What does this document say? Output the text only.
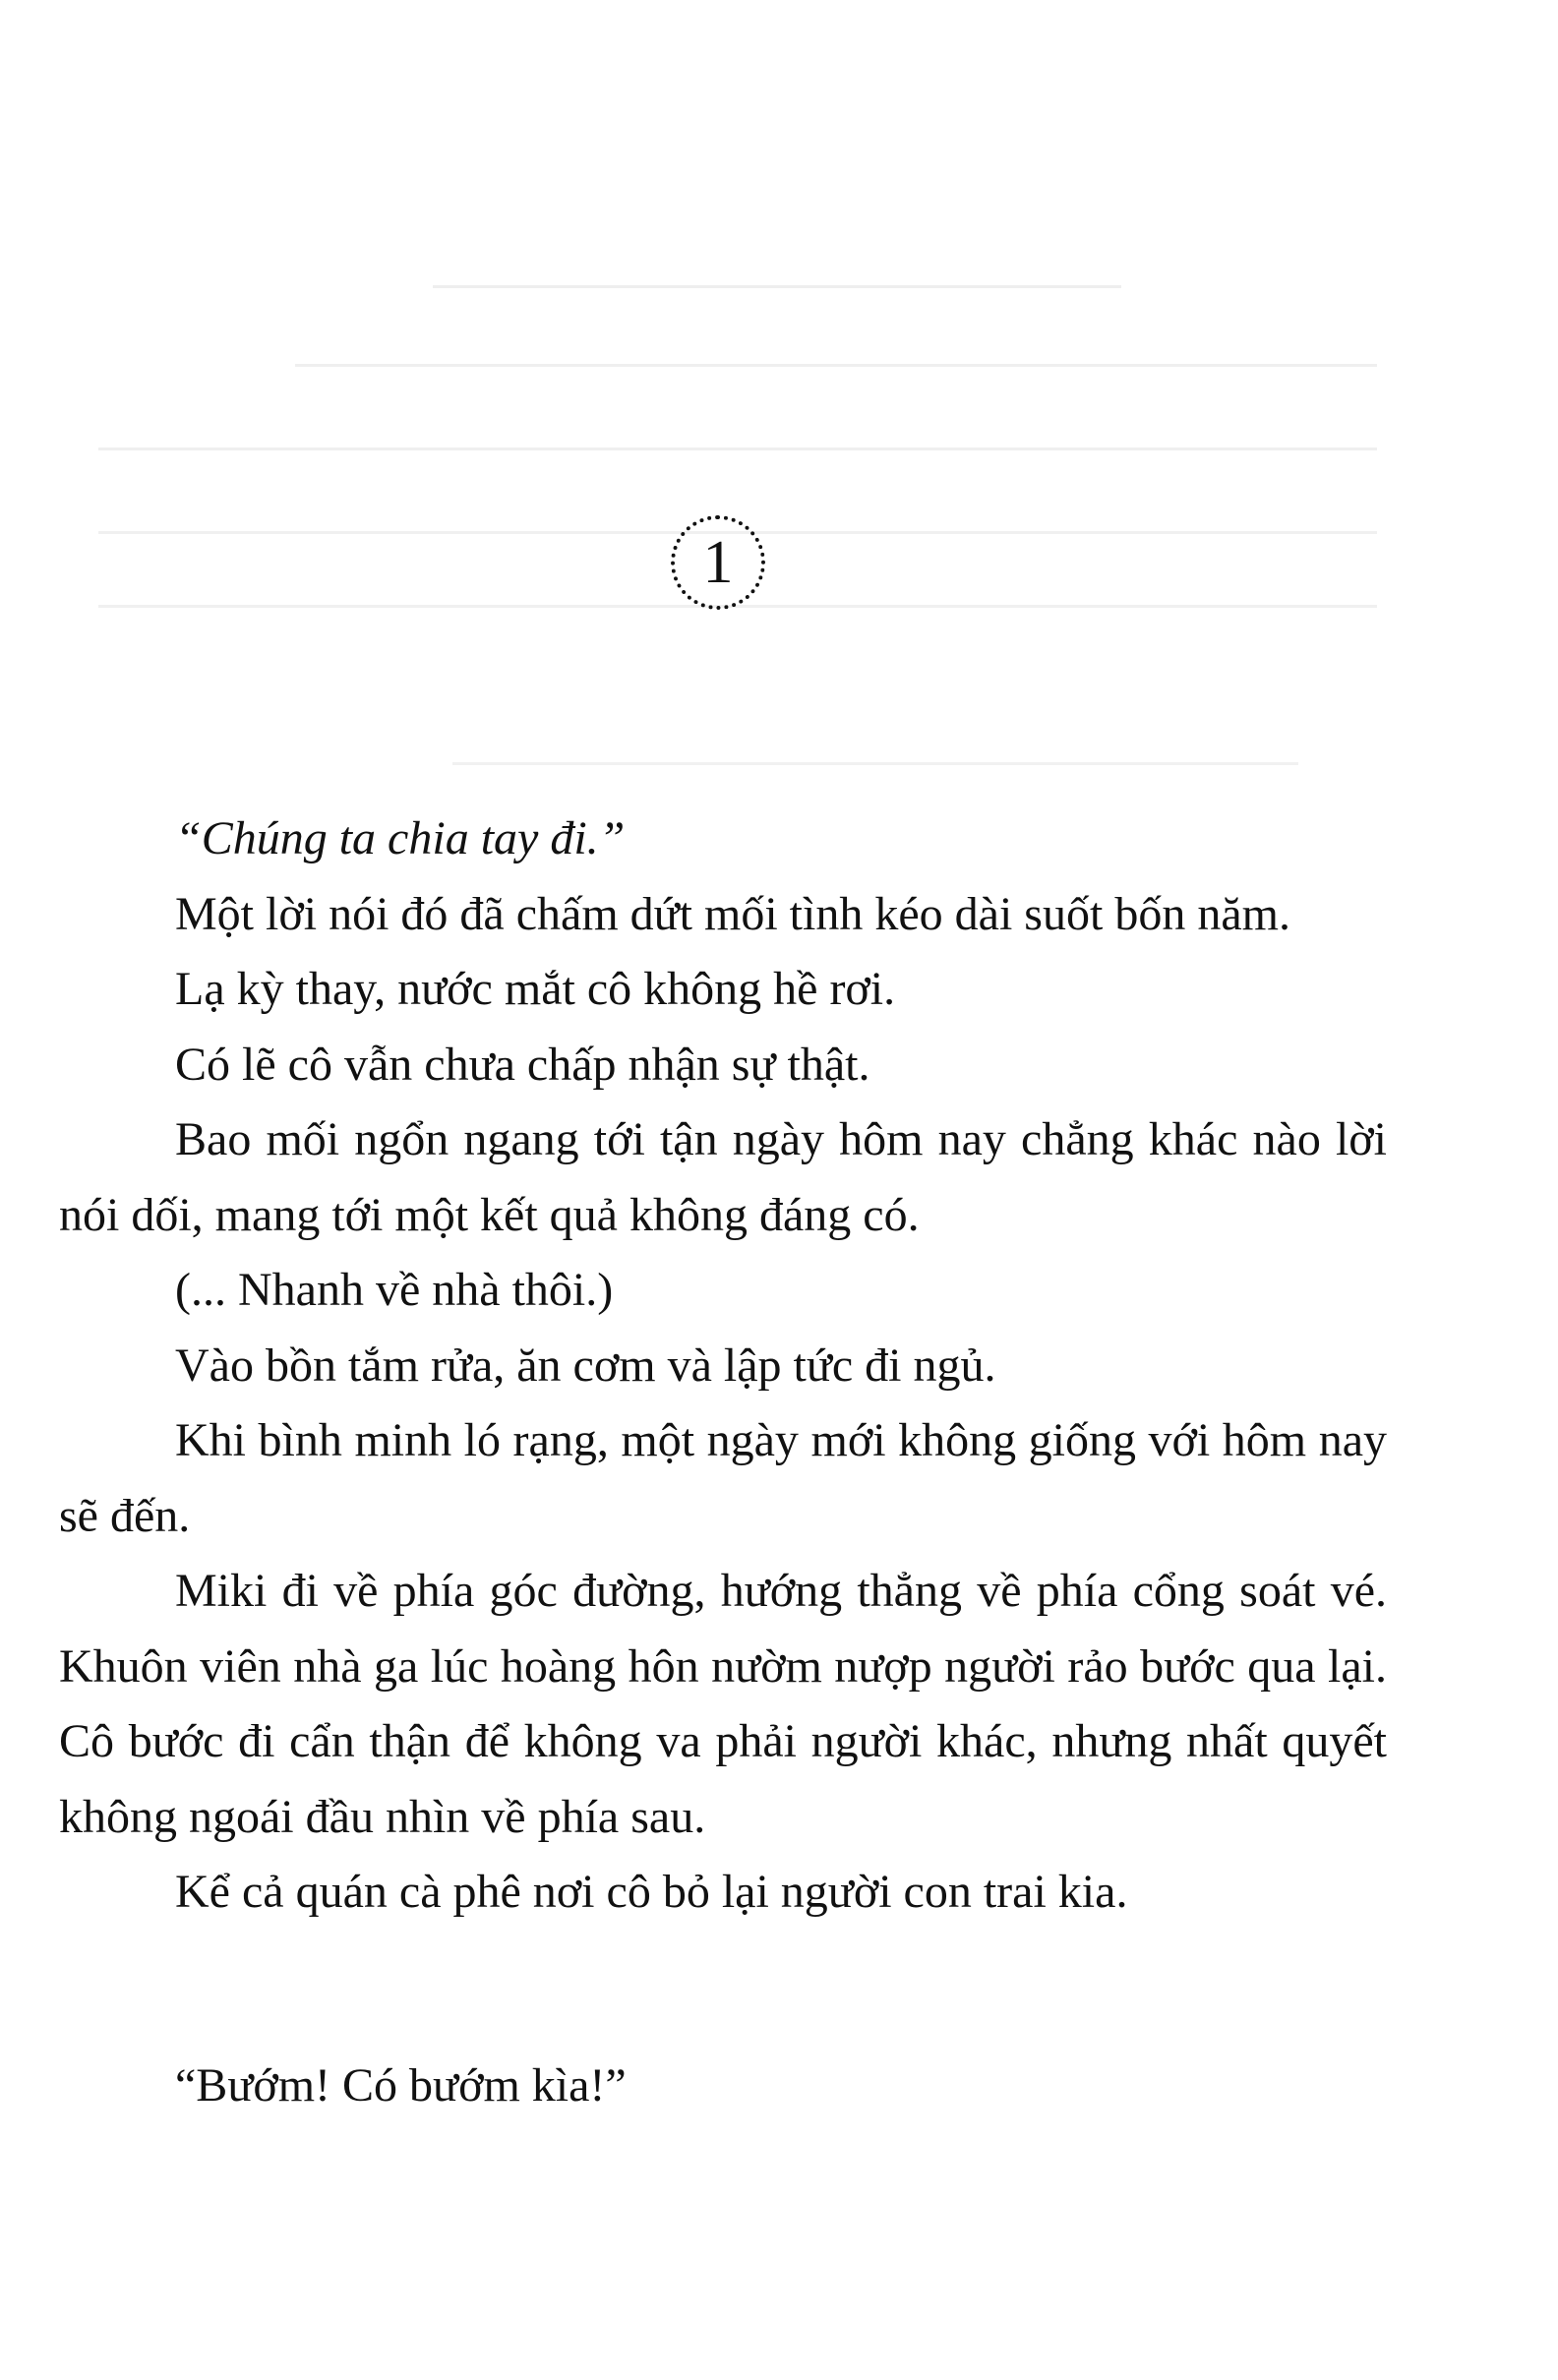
1

“Chúng ta chia tay đi.”

Một lời nói đó đã chấm dứt mối tình kéo dài suốt bốn năm.

Lạ kỳ thay, nước mắt cô không hề rơi.

Có lẽ cô vẫn chưa chấp nhận sự thật.

Bao mối ngổn ngang tới tận ngày hôm nay chẳng khác nào lời nói dối, mang tới một kết quả không đáng có.

(... Nhanh về nhà thôi.)

Vào bồn tắm rửa, ăn cơm và lập tức đi ngủ.

Khi bình minh ló rạng, một ngày mới không giống với hôm nay sẽ đến.

Miki đi về phía góc đường, hướng thẳng về phía cổng soát vé. Khuôn viên nhà ga lúc hoàng hôn nườm nượp người rảo bước qua lại. Cô bước đi cẩn thận để không va phải người khác, nhưng nhất quyết không ngoái đầu nhìn về phía sau.

Kể cả quán cà phê nơi cô bỏ lại người con trai kia.

“Bướm! Có bướm kìa!”
